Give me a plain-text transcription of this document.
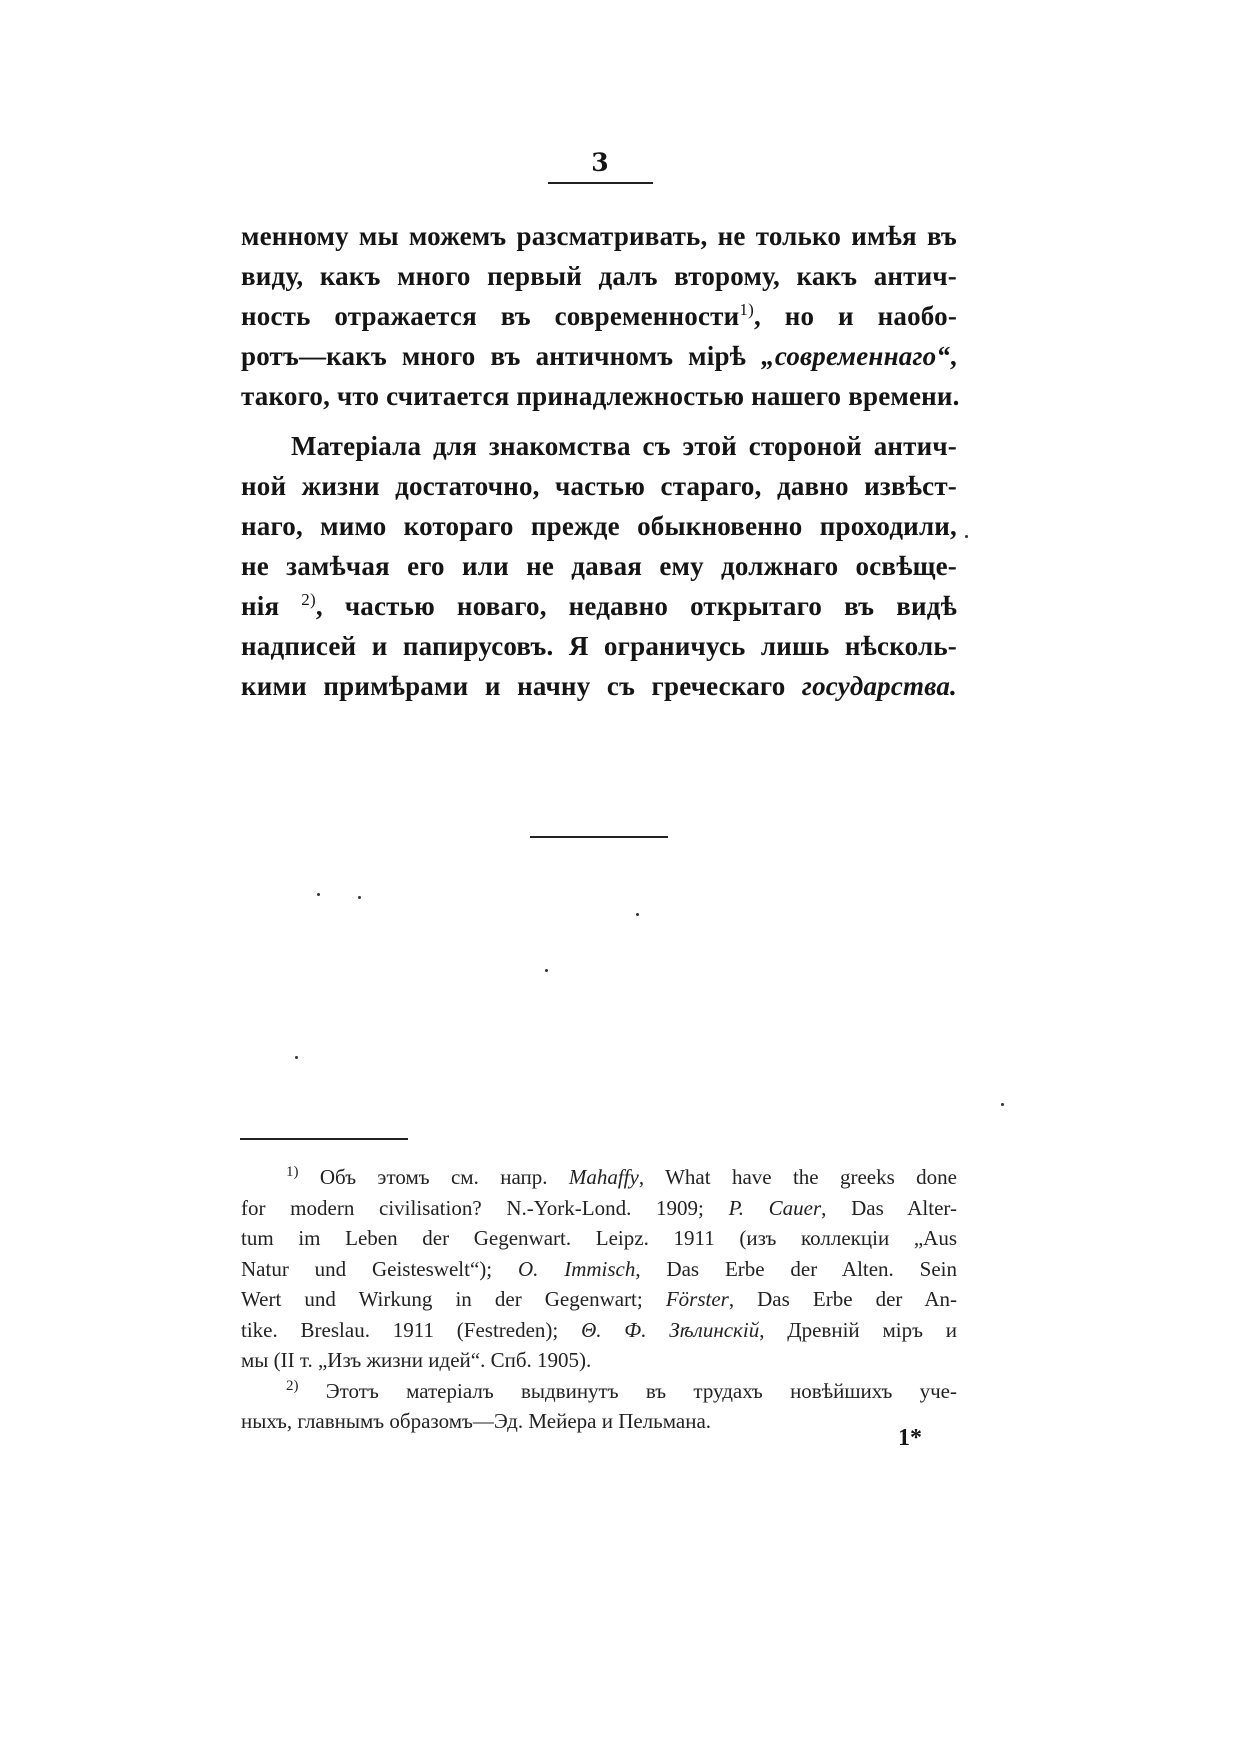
3
менному мы можемъ разсматривать, не только имѣя въ
виду, какъ много первый далъ второму, какъ антич-
ность отражается въ современности$^{1)}$, но и наобо-
ротъ—какъ много въ античномъ мірѣ „современнаго“,
такого, что считается принадлежностью нашего времени.
Матеріала для знакомства съ этой стороной антич-
ной жизни достаточно, частью стараго, давно извѣст-
наго, мимо котораго прежде обыкновенно проходили,
не замѣчая его или не давая ему должнаго освѣще-
нія $^{2)}$, частью новаго, недавно открытаго въ видѣ
надписей и папирусовъ. Я ограничусь лишь нѣсколь-
кими примѣрами и начну съ греческаго государства.
$^{1)}$ Объ этомъ см. напр. Mahaffy, What have the greeks done
for modern civilisation? N.-York-Lond. 1909; P. Cauer, Das Alter-
tum im Leben der Gegenwart. Leipz. 1911 (изъ коллекціи „Aus
Natur und Geisteswelt“); O. Immisch, Das Erbe der Alten. Sein
Wert und Wirkung in der Gegenwart; Förster, Das Erbe der An-
tike. Breslau. 1911 (Festreden); Θ. Ф. Зѣлинскій, Древній міръ и
мы (II т. „Изъ жизни идей“. Спб. 1905).
$^{2)}$ Этотъ матеріалъ выдвинутъ въ трудахъ новѣйшихъ уче-
ныхъ, главнымъ образомъ—Эд. Мейера и Пельмана.
1*
